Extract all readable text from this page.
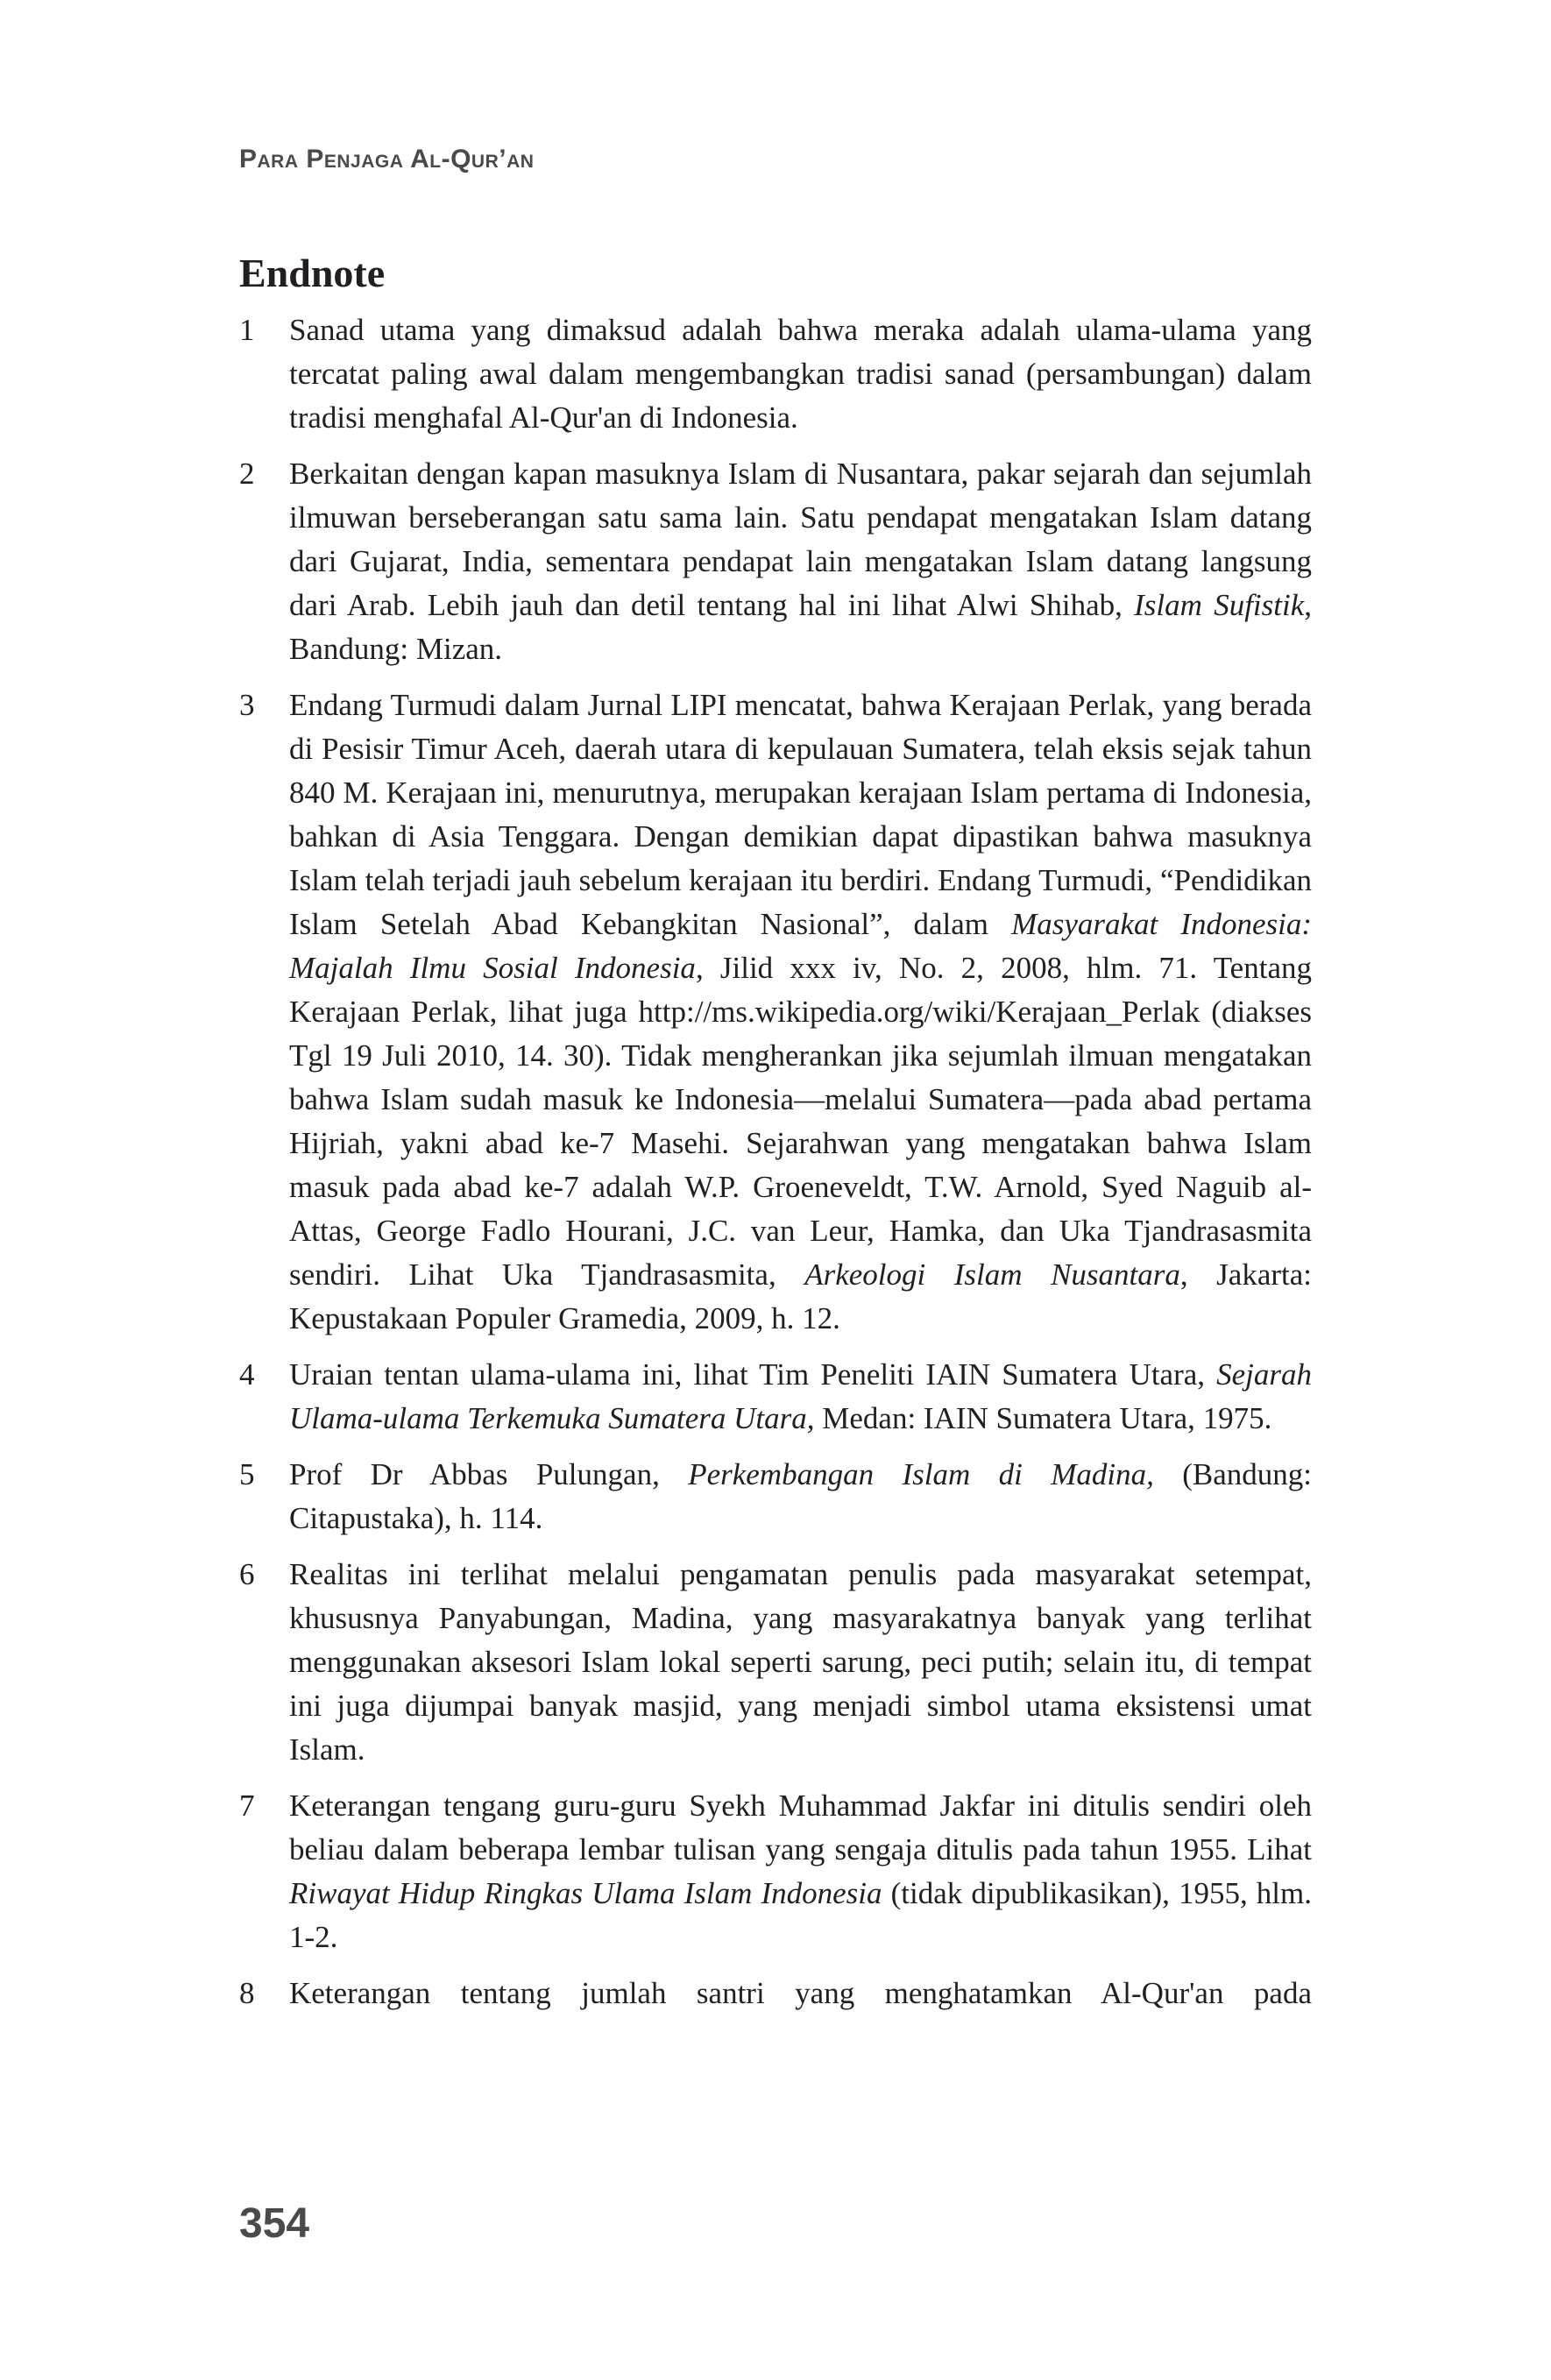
Para Penjaga Al-Qur’an
Endnote
1	Sanad utama yang dimaksud adalah bahwa meraka adalah ulama-ulama yang tercatat paling awal dalam mengembangkan tradisi sanad (persambungan) dalam tradisi menghafal Al-Qur'an di Indonesia.
2	Berkaitan dengan kapan masuknya Islam di Nusantara, pakar sejarah dan sejumlah ilmuwan berseberangan satu sama lain. Satu pendapat mengatakan Islam datang dari Gujarat, India, sementara pendapat lain mengatakan Islam datang langsung dari Arab. Lebih jauh dan detil tentang hal ini lihat Alwi Shihab, Islam Sufistik, Bandung: Mizan.
3	Endang Turmudi dalam Jurnal LIPI mencatat, bahwa Kerajaan Perlak, yang berada di Pesisir Timur Aceh, daerah utara di kepulauan Sumatera, telah eksis sejak tahun 840 M. Kerajaan ini, menurutnya, merupakan kerajaan Islam pertama di Indonesia, bahkan di Asia Tenggara. Dengan demikian dapat dipastikan bahwa masuknya Islam telah terjadi jauh sebelum kerajaan itu berdiri. Endang Turmudi, “Pendidikan Islam Setelah Abad Kebangkitan Nasional”, dalam Masyarakat Indonesia: Majalah Ilmu Sosial Indonesia, Jilid xxx iv, No. 2, 2008, hlm. 71. Tentang Kerajaan Perlak, lihat juga http://ms.wikipedia.org/wiki/Kerajaan_Perlak (diakses Tgl 19 Juli 2010, 14. 30). Tidak mengherankan jika sejumlah ilmuan mengatakan bahwa Islam sudah masuk ke Indonesia—melalui Sumatera—pada abad pertama Hijriah, yakni abad ke-7 Masehi. Sejarahwan yang mengatakan bahwa Islam masuk pada abad ke-7 adalah W.P. Groeneveldt, T.W. Arnold, Syed Naguib al-Attas, George Fadlo Hourani, J.C. van Leur, Hamka, dan Uka Tjandrasasmita sendiri. Lihat Uka Tjandrasasmita, Arkeologi Islam Nusantara, Jakarta: Kepustakaan Populer Gramedia, 2009, h. 12.
4	Uraian tentan ulama-ulama ini, lihat Tim Peneliti IAIN Sumatera Utara, Sejarah Ulama-ulama Terkemuka Sumatera Utara, Medan: IAIN Sumatera Utara, 1975.
5	Prof Dr Abbas Pulungan, Perkembangan Islam di Madina, (Bandung: Citapustaka), h. 114.
6	Realitas ini terlihat melalui pengamatan penulis pada masyarakat setempat, khususnya Panyabungan, Madina, yang masyarakatnya banyak yang terlihat menggunakan aksesori Islam lokal seperti sarung, peci putih; selain itu, di tempat ini juga dijumpai banyak masjid, yang menjadi simbol utama eksistensi umat Islam.
7	Keterangan tengang guru-guru Syekh Muhammad Jakfar ini ditulis sendiri oleh beliau dalam beberapa lembar tulisan yang sengaja ditulis pada tahun 1955. Lihat Riwayat Hidup Ringkas Ulama Islam Indonesia (tidak dipublikasikan), 1955, hlm. 1-2.
8	Keterangan tentang jumlah santri yang menghatamkan Al-Qur'an pada
354
